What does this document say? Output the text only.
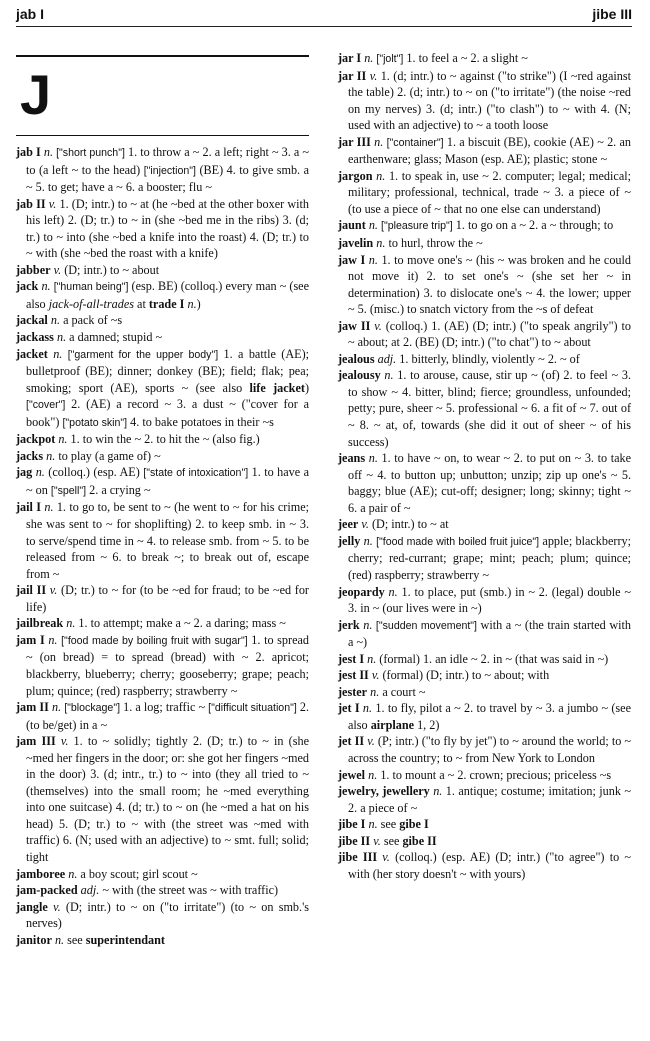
jab I	jibe III
J

jab I n. ["short punch"] 1. to throw a ~ 2. a left; right ~ 3. a ~ to (a left ~ to the head) ["injection"] (BE) 4. to give smb. a ~ 5. to get; have a ~ 6. a booster; flu ~

jab II v. 1. (D; intr.) to ~ at (he ~bed at the other boxer with his left) 2. (D; tr.) to ~ in (she ~bed me in the ribs) 3. (d; tr.) to ~ into (she ~bed a knife into the roast) 4. (D; tr.) to ~ with (she ~bed the roast with a knife)

jabber v. (D; intr.) to ~ about

jack n. ["human being"] (esp. BE) (colloq.) every man ~ (see also jack-of-all-trades at trade I n.)

jackal n. a pack of ~s

jackass n. a damned; stupid ~

jacket n. ["garment for the upper body"] 1. a battle (AE); bulletproof (BE); dinner; donkey (BE); field; flak; pea; smoking; sport (AE), sports ~ (see also life jacket) ["cover"] 2. (AE) a record ~ 3. a dust ~ ("cover for a book") ["potato skin"] 4. to bake potatoes in their ~s

jackpot n. 1. to win the ~ 2. to hit the ~ (also fig.)

jacks n. to play (a game of) ~

jag n. (colloq.) (esp. AE) ["state of intoxication"] 1. to have a ~ on ["spell"] 2. a crying ~

jail I n. 1. to go to, be sent to ~ (he went to ~ for his crime; she was sent to ~ for shoplifting) 2. to keep smb. in ~ 3. to serve/spend time in ~ 4. to release smb. from ~ 5. to be released from ~ 6. to break ~; to break out of, escape from ~

jail II v. (D; tr.) to ~ for (to be ~ed for fraud; to be ~ed for life)

jailbreak n. 1. to attempt; make a ~ 2. a daring; mass ~

jam I n. ["food made by boiling fruit with sugar"] 1. to spread ~ (on bread) = to spread (bread) with ~ 2. apricot; blackberry, blueberry; cherry; gooseberry; grape; peach; plum; quince; (red) raspberry; strawberry ~

jam II n. ["blockage"] 1. a log; traffic ~ ["difficult situation"] 2. (to be/get) in a ~

jam III v. 1. to ~ solidly; tightly 2. (D; tr.) to ~ in (she ~med her fingers in the door; or: she got her fingers ~med in the door) 3. (d; intr., tr.) to ~ into (they all tried to ~ (themselves) into the small room; he ~med everything into one suitcase) 4. (d; tr.) to ~ on (he ~med a hat on his head) 5. (D; tr.) to ~ with (the street was ~med with traffic) 6. (N; used with an adjective) to ~ smt. full; solid; tight

jamboree n. a boy scout; girl scout ~

jam-packed adj. ~ with (the street was ~ with traffic)

jangle v. (D; intr.) to ~ on ("to irritate") (to ~ on smb.'s nerves)

janitor n. see superintendant

jar I n. ["jolt"] 1. to feel a ~ 2. a slight ~

jar II v. 1. (d; intr.) to ~ against ("to strike") (I ~red against the table) 2. (d; intr.) to ~ on ("to irritate") (the noise ~red on my nerves) 3. (d; intr.) ("to clash") to ~ with 4. (N; used with an adjective) to ~ a tooth loose

jar III n. ["container"] 1. a biscuit (BE), cookie (AE) ~ 2. an earthenware; glass; Mason (esp. AE); plastic; stone ~

jargon n. 1. to speak in, use ~ 2. computer; legal; medical; military; professional, technical, trade ~ 3. a piece of ~ (to use a piece of ~ that no one else can understand)

jaunt n. ["pleasure trip"] 1. to go on a ~ 2. a ~ through; to

javelin n. to hurl, throw the ~

jaw I n. 1. to move one's ~ (his ~ was broken and he could not move it) 2. to set one's ~ (she set her ~ in determination) 3. to dislocate one's ~ 4. the lower; upper ~ 5. (misc.) to snatch victory from the ~s of defeat

jaw II v. (colloq.) 1. (AE) (D; intr.) ("to speak angrily") to ~ about; at 2. (BE) (D; intr.) ("to chat") to ~ about

jealous adj. 1. bitterly, blindly, violently ~ 2. ~ of

jealousy n. 1. to arouse, cause, stir up ~ (of) 2. to feel ~ 3. to show ~ 4. bitter, blind; fierce; groundless, unfounded; petty; pure, sheer ~ 5. professional ~ 6. a fit of ~ 7. out of ~ 8. ~ at, of, towards (she did it out of sheer ~ of his success)

jeans n. 1. to have ~ on, to wear ~ 2. to put on ~ 3. to take off ~ 4. to button up; unbutton; unzip; zip up one's ~ 5. baggy; blue (AE); cut-off; designer; long; skinny; tight ~ 6. a pair of ~

jeer v. (D; intr.) to ~ at

jelly n. ["food made with boiled fruit juice"] apple; blackberry; cherry; red-currant; grape; mint; peach; plum; quince; (red) raspberry; strawberry ~

jeopardy n. 1. to place, put (smb.) in ~ 2. (legal) double ~ 3. in ~ (our lives were in ~)

jerk n. ["sudden movement"] with a ~ (the train started with a ~)

jest I n. (formal) 1. an idle ~ 2. in ~ (that was said in ~)

jest II v. (formal) (D; intr.) to ~ about; with

jester n. a court ~

jet I n. 1. to fly, pilot a ~ 2. to travel by ~ 3. a jumbo ~ (see also airplane 1, 2)

jet II v. (P; intr.) ("to fly by jet") to ~ around the world; to ~ across the country; to ~ from New York to London

jewel n. 1. to mount a ~ 2. crown; precious; priceless ~s

jewelry, jewellery n. 1. antique; costume; imitation; junk ~ 2. a piece of ~

jibe I n. see gibe I

jibe II v. see gibe II

jibe III v. (colloq.) (esp. AE) (D; intr.) ("to agree") to ~ with (her story doesn't ~ with yours)
